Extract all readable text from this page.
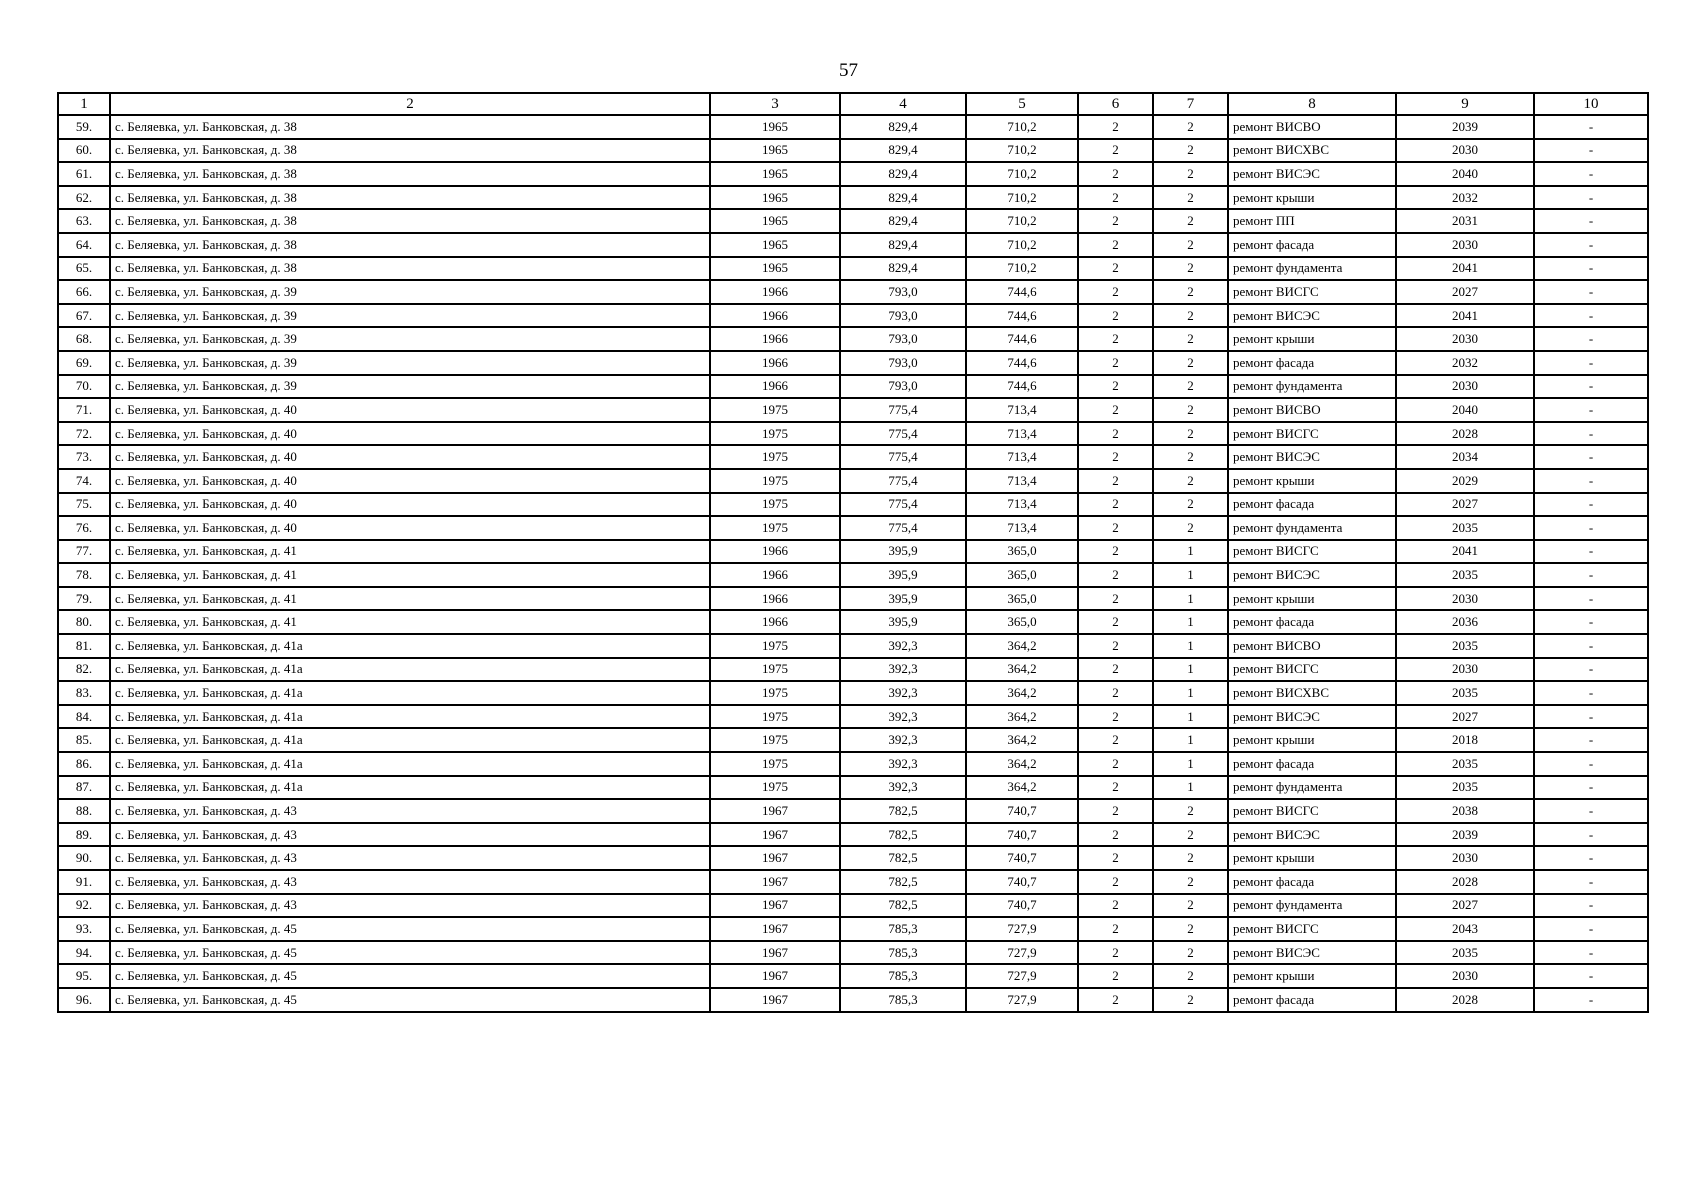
57
1	2	3	4	5	6	7	8	9	10
59.	с. Беляевка, ул. Банковская, д. 38	1965	829,4	710,2	2	2	ремонт ВИСВО	2039	-
60.	с. Беляевка, ул. Банковская, д. 38	1965	829,4	710,2	2	2	ремонт ВИСХВС	2030	-
61.	с. Беляевка, ул. Банковская, д. 38	1965	829,4	710,2	2	2	ремонт ВИСЭС	2040	-
62.	с. Беляевка, ул. Банковская, д. 38	1965	829,4	710,2	2	2	ремонт крыши	2032	-
63.	с. Беляевка, ул. Банковская, д. 38	1965	829,4	710,2	2	2	ремонт ПП	2031	-
64.	с. Беляевка, ул. Банковская, д. 38	1965	829,4	710,2	2	2	ремонт фасада	2030	-
65.	с. Беляевка, ул. Банковская, д. 38	1965	829,4	710,2	2	2	ремонт фундамента	2041	-
66.	с. Беляевка, ул. Банковская, д. 39	1966	793,0	744,6	2	2	ремонт ВИСГС	2027	-
67.	с. Беляевка, ул. Банковская, д. 39	1966	793,0	744,6	2	2	ремонт ВИСЭС	2041	-
68.	с. Беляевка, ул. Банковская, д. 39	1966	793,0	744,6	2	2	ремонт крыши	2030	-
69.	с. Беляевка, ул. Банковская, д. 39	1966	793,0	744,6	2	2	ремонт фасада	2032	-
70.	с. Беляевка, ул. Банковская, д. 39	1966	793,0	744,6	2	2	ремонт фундамента	2030	-
71.	с. Беляевка, ул. Банковская, д. 40	1975	775,4	713,4	2	2	ремонт ВИСВО	2040	-
72.	с. Беляевка, ул. Банковская, д. 40	1975	775,4	713,4	2	2	ремонт ВИСГС	2028	-
73.	с. Беляевка, ул. Банковская, д. 40	1975	775,4	713,4	2	2	ремонт ВИСЭС	2034	-
74.	с. Беляевка, ул. Банковская, д. 40	1975	775,4	713,4	2	2	ремонт крыши	2029	-
75.	с. Беляевка, ул. Банковская, д. 40	1975	775,4	713,4	2	2	ремонт фасада	2027	-
76.	с. Беляевка, ул. Банковская, д. 40	1975	775,4	713,4	2	2	ремонт фундамента	2035	-
77.	с. Беляевка, ул. Банковская, д. 41	1966	395,9	365,0	2	1	ремонт ВИСГС	2041	-
78.	с. Беляевка, ул. Банковская, д. 41	1966	395,9	365,0	2	1	ремонт ВИСЭС	2035	-
79.	с. Беляевка, ул. Банковская, д. 41	1966	395,9	365,0	2	1	ремонт крыши	2030	-
80.	с. Беляевка, ул. Банковская, д. 41	1966	395,9	365,0	2	1	ремонт фасада	2036	-
81.	с. Беляевка, ул. Банковская, д. 41а	1975	392,3	364,2	2	1	ремонт ВИСВО	2035	-
82.	с. Беляевка, ул. Банковская, д. 41а	1975	392,3	364,2	2	1	ремонт ВИСГС	2030	-
83.	с. Беляевка, ул. Банковская, д. 41а	1975	392,3	364,2	2	1	ремонт ВИСХВС	2035	-
84.	с. Беляевка, ул. Банковская, д. 41а	1975	392,3	364,2	2	1	ремонт ВИСЭС	2027	-
85.	с. Беляевка, ул. Банковская, д. 41а	1975	392,3	364,2	2	1	ремонт крыши	2018	-
86.	с. Беляевка, ул. Банковская, д. 41а	1975	392,3	364,2	2	1	ремонт фасада	2035	-
87.	с. Беляевка, ул. Банковская, д. 41а	1975	392,3	364,2	2	1	ремонт фундамента	2035	-
88.	с. Беляевка, ул. Банковская, д. 43	1967	782,5	740,7	2	2	ремонт ВИСГС	2038	-
89.	с. Беляевка, ул. Банковская, д. 43	1967	782,5	740,7	2	2	ремонт ВИСЭС	2039	-
90.	с. Беляевка, ул. Банковская, д. 43	1967	782,5	740,7	2	2	ремонт крыши	2030	-
91.	с. Беляевка, ул. Банковская, д. 43	1967	782,5	740,7	2	2	ремонт фасада	2028	-
92.	с. Беляевка, ул. Банковская, д. 43	1967	782,5	740,7	2	2	ремонт фундамента	2027	-
93.	с. Беляевка, ул. Банковская, д. 45	1967	785,3	727,9	2	2	ремонт ВИСГС	2043	-
94.	с. Беляевка, ул. Банковская, д. 45	1967	785,3	727,9	2	2	ремонт ВИСЭС	2035	-
95.	с. Беляевка, ул. Банковская, д. 45	1967	785,3	727,9	2	2	ремонт крыши	2030	-
96.	с. Беляевка, ул. Банковская, д. 45	1967	785,3	727,9	2	2	ремонт фасада	2028	-
